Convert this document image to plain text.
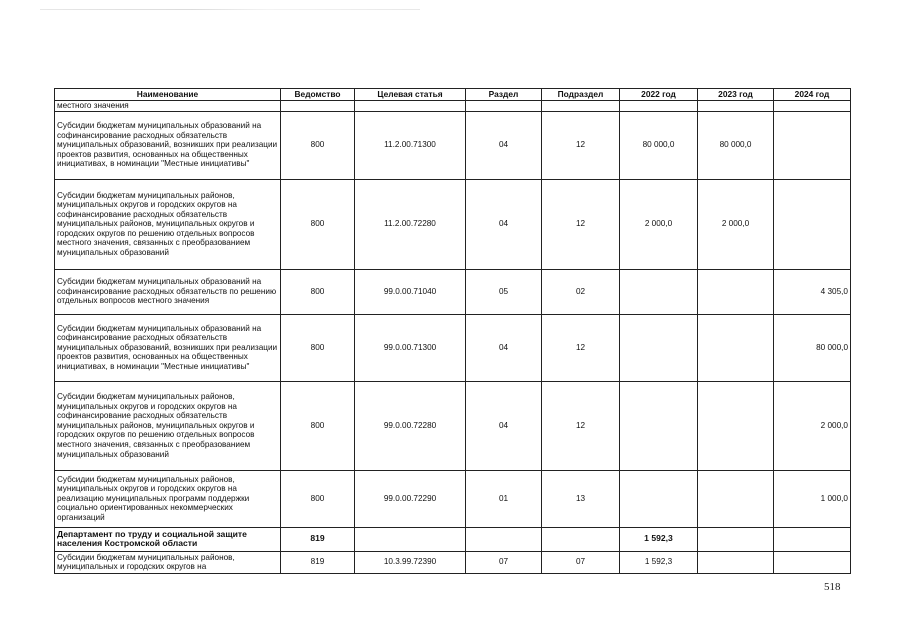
Наименование	Ведомство	Целевая статья	Раздел	Подраздел	2022 год	2023 год	2024 год
местного значения							
Субсидии бюджетам муниципальных образований на софинансирование расходных обязательств муниципальных образований, возникших при реализации проектов развития, основанных на общественных инициативах, в номинации "Местные инициативы"	800	11.2.00.71300	04	12	80 000,0	80 000,0	
Субсидии бюджетам муниципальных районов, муниципальных округов и городских округов на софинансирование расходных обязательств муниципальных районов, муниципальных округов и городских округов по решению отдельных вопросов местного значения, связанных с преобразованием муниципальных образований	800	11.2.00.72280	04	12	2 000,0	2 000,0	
Субсидии бюджетам муниципальных образований на софинансирование расходных обязательств по решению отдельных вопросов местного значения	800	99.0.00.71040	05	02			4 305,0
Субсидии бюджетам муниципальных образований на софинансирование расходных обязательств муниципальных образований, возникших при реализации проектов развития, основанных на общественных инициативах, в номинации "Местные инициативы"	800	99.0.00.71300	04	12			80 000,0
Субсидии бюджетам муниципальных районов, муниципальных округов и городских округов на софинансирование расходных обязательств муниципальных районов, муниципальных округов и городских округов по решению отдельных вопросов местного значения, связанных с преобразованием муниципальных образований	800	99.0.00.72280	04	12			2 000,0
Субсидии бюджетам муниципальных районов, муниципальных округов и городских округов на реализацию муниципальных программ поддержки социально ориентированных некоммерческих организаций	800	99.0.00.72290	01	13			1 000,0
Департамент по труду и социальной защите населения Костромской области	819				1 592,3		
Субсидии бюджетам муниципальных районов, муниципальных и городских округов на	819	10.3.99.72390	07	07	1 592,3		
518
